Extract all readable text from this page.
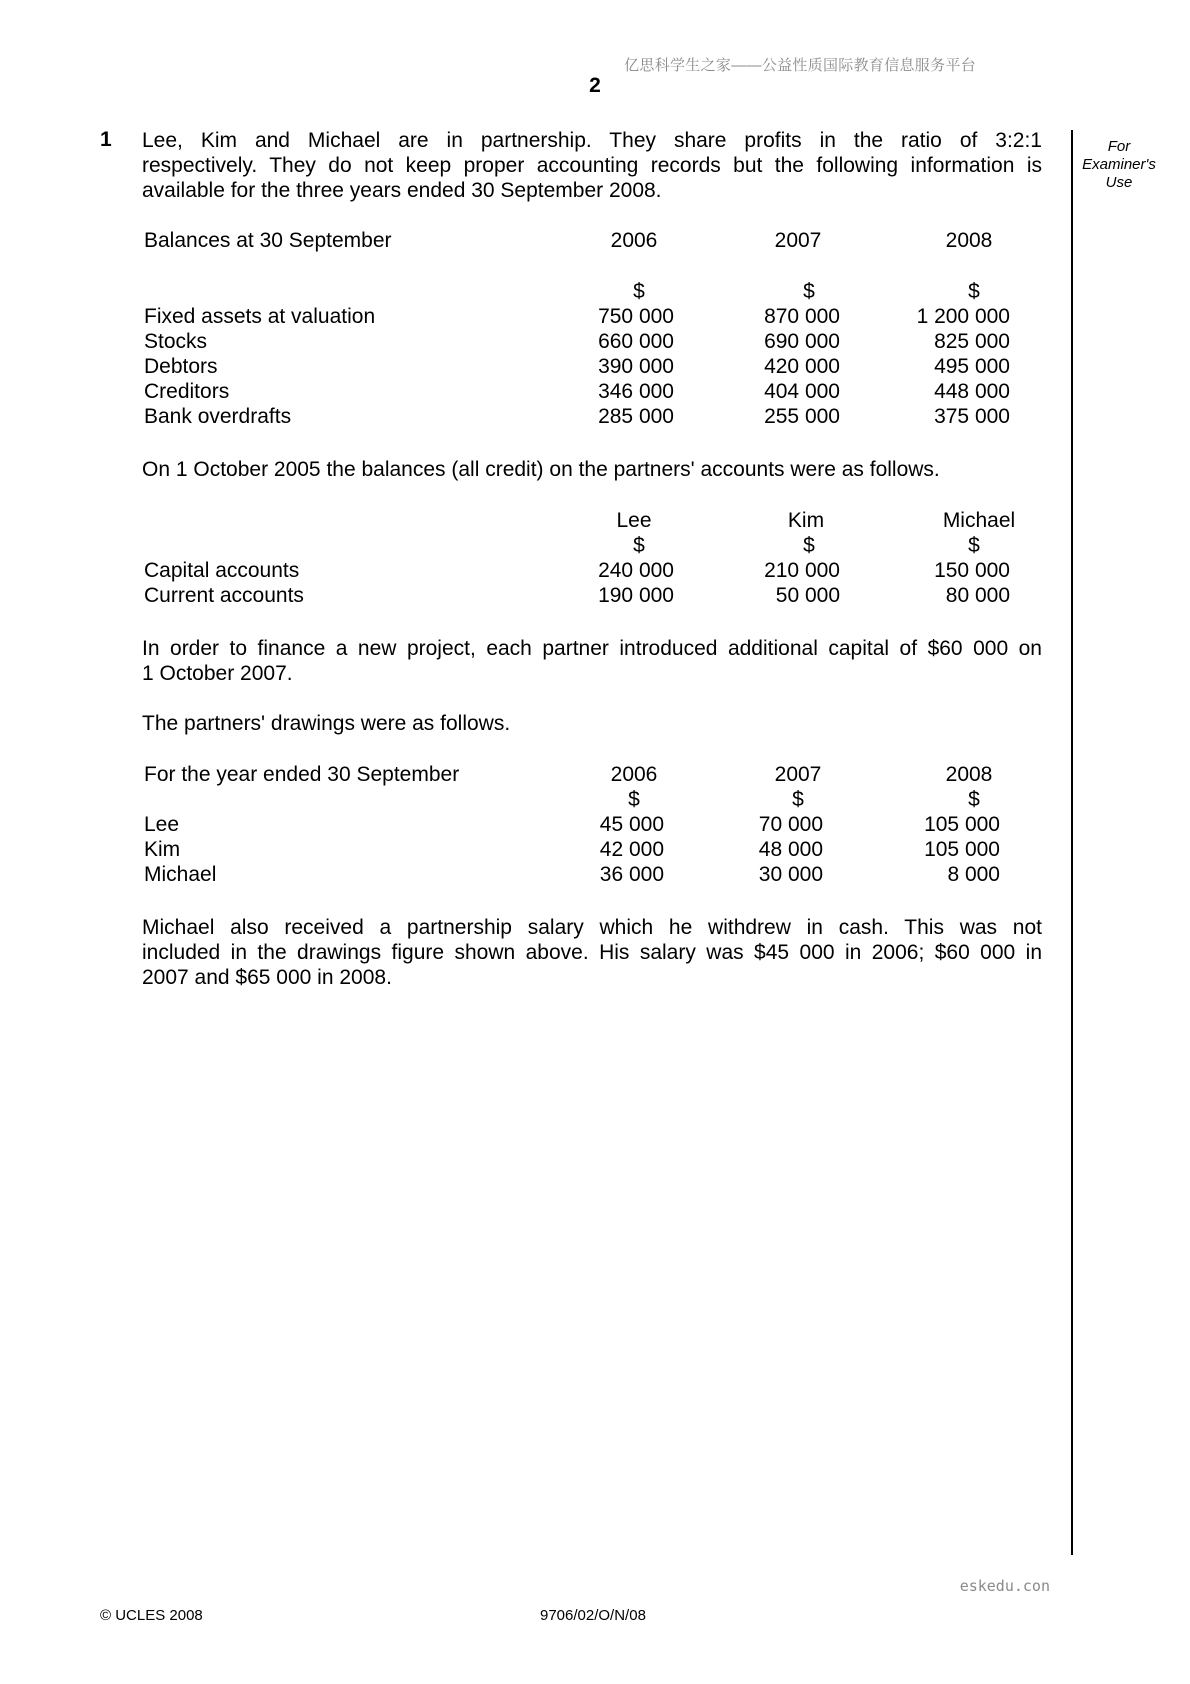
亿思科学生之家——公益性质国际教育信息服务平台
2
For
Examiner's
Use
1 Lee, Kim and Michael are in partnership. They share profits in the ratio of 3:2:1
respectively. They do not keep proper accounting records but the following information is
available for the three years ended 30 September 2008.
Balances at 30 September	2006	2007	2008
$	$	$
Fixed assets at valuation	750 000	870 000	1 200 000
Stocks	660 000	690 000	825 000
Debtors	390 000	420 000	495 000
Creditors	346 000	404 000	448 000
Bank overdrafts	285 000	255 000	375 000
On 1 October 2005 the balances (all credit) on the partners' accounts were as follows.
Lee	Kim	Michael
$	$	$
Capital accounts	240 000	210 000	150 000
Current accounts	190 000	50 000	80 000
In order to finance a new project, each partner introduced additional capital of $60 000 on
1 October 2007.
The partners' drawings were as follows.
For the year ended 30 September	2006	2007	2008
$	$	$
Lee	45 000	70 000	105 000
Kim	42 000	48 000	105 000
Michael	36 000	30 000	8 000
Michael also received a partnership salary which he withdrew in cash. This was not
included in the drawings figure shown above. His salary was $45 000 in 2006; $60 000 in
2007 and $65 000 in 2008.
eskedu.con
© UCLES 2008	9706/02/O/N/08
